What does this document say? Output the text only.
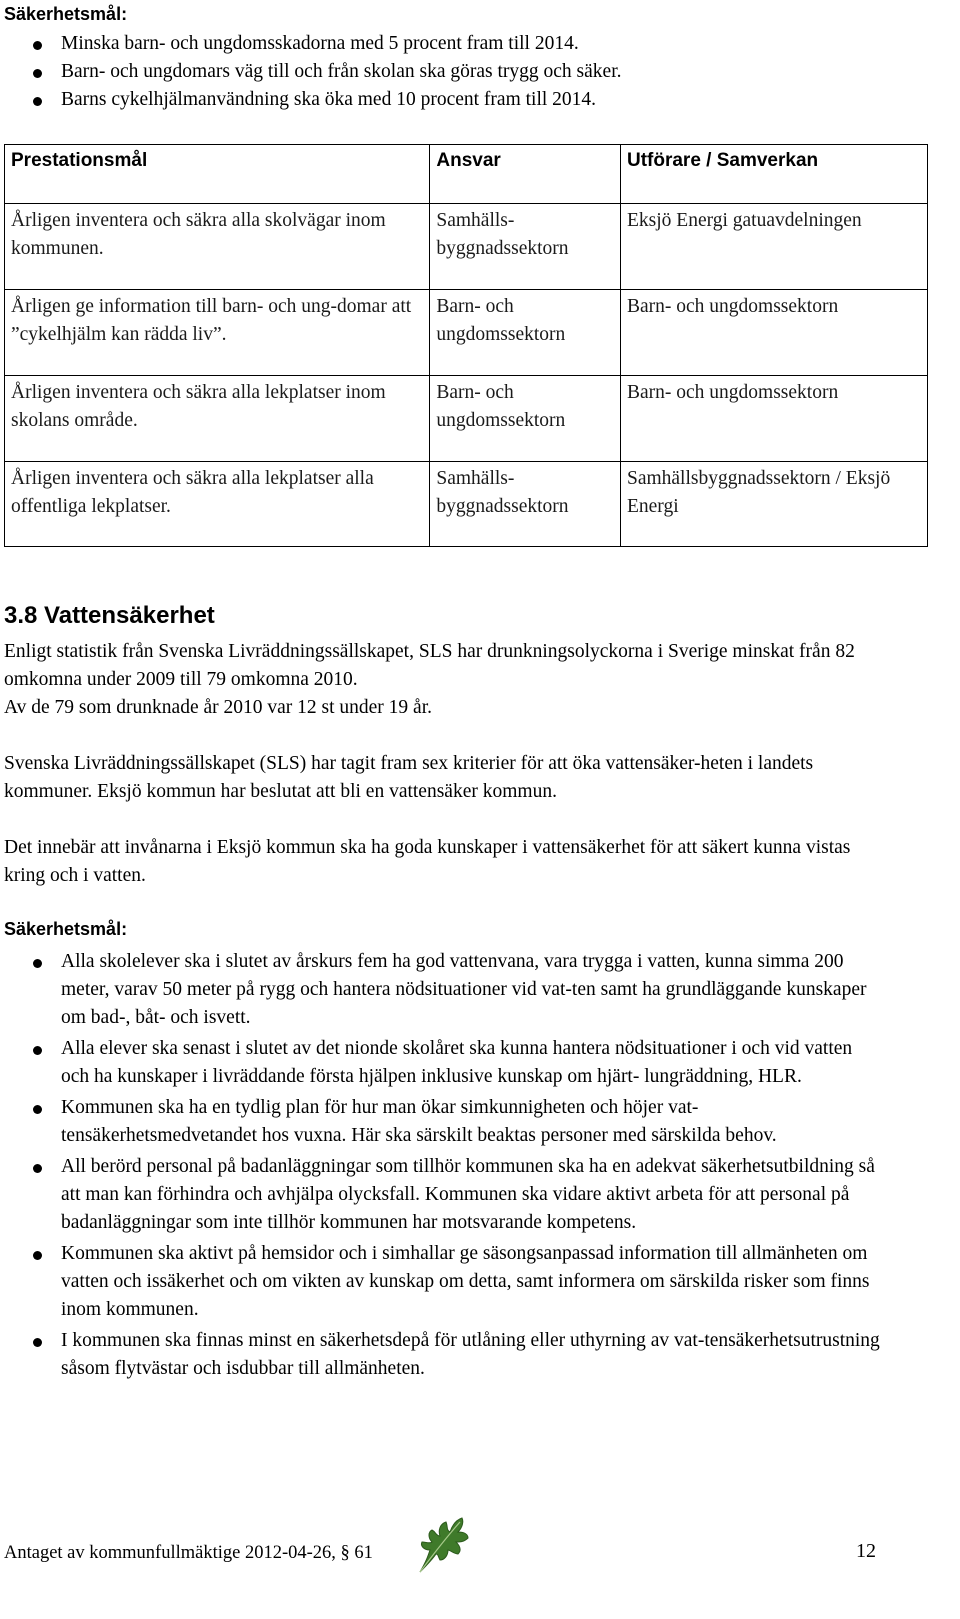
Säkerhetsmål:
Minska barn- och ungdomsskadorna med 5 procent fram till 2014.
Barn- och ungdomars väg till och från skolan ska göras trygg och säker.
Barns cykelhjälmanvändning ska öka med 10 procent fram till 2014.
Prestationsmål	Ansvar	Utförare / Samverkan

Årligen inventera och säkra alla skolvägar inom kommunen.	Samhälls-byggnadssektorn	Eksjö Energi gatuavdelningen

Årligen ge information till barn- och ung-domar att ”cykelhjälm kan rädda liv”.	Barn- och ungdomssektorn	Barn- och ungdomssektorn

Årligen inventera och säkra alla lekplatser inom skolans område.	Barn- och ungdomssektorn	Barn- och ungdomssektorn

Årligen inventera och säkra alla lekplatser alla offentliga lekplatser.	Samhälls-byggnadssektorn	Samhällsbyggnadssektorn / Eksjö Energi
3.8 Vattensäkerhet

Enligt statistik från Svenska Livräddningssällskapet, SLS har drunkningsolyckorna i Sverige minskat från 82 omkomna under 2009 till 79 omkomna 2010.

Av de 79 som drunknade år 2010 var 12 st under 19 år.

Svenska Livräddningssällskapet (SLS) har tagit fram sex kriterier för att öka vattensäker-heten i landets kommuner. Eksjö kommun har beslutat att bli en vattensäker kommun.

Det innebär att invånarna i Eksjö kommun ska ha goda kunskaper i vattensäkerhet för att säkert kunna vistas kring och i vatten.

Säkerhetsmål:
Alla skolelever ska i slutet av årskurs fem ha god vattenvana, vara trygga i vatten, kunna simma 200 meter, varav 50 meter på rygg och hantera nödsituationer vid vat-ten samt ha grundläggande kunskaper om bad-, båt- och isvett.
Alla elever ska senast i slutet av det nionde skolåret ska kunna hantera nödsituationer i och vid vatten och ha kunskaper i livräddande första hjälpen inklusive kunskap om hjärt- lungräddning, HLR.
Kommunen ska ha en tydlig plan för hur man ökar simkunnigheten och höjer vat-tensäkerhetsmedvetandet hos vuxna. Här ska särskilt beaktas personer med särskilda behov.
All berörd personal på badanläggningar som tillhör kommunen ska ha en adekvat säkerhetsutbildning så att man kan förhindra och avhjälpa olycksfall. Kommunen ska vidare aktivt arbeta för att personal på badanläggningar som inte tillhör kommunen har motsvarande kompetens.
Kommunen ska aktivt på hemsidor och i simhallar ge säsongsanpassad information till allmänheten om vatten och issäkerhet och om vikten av kunskap om detta, samt informera om särskilda risker som finns inom kommunen.
I kommunen ska finnas minst en säkerhetsdepå för utlåning eller uthyrning av vat-tensäkerhetsutrustning såsom flytvästar och isdubbar till allmänheten.
Antaget av kommunfullmäktige 2012-04-26, § 61	12
